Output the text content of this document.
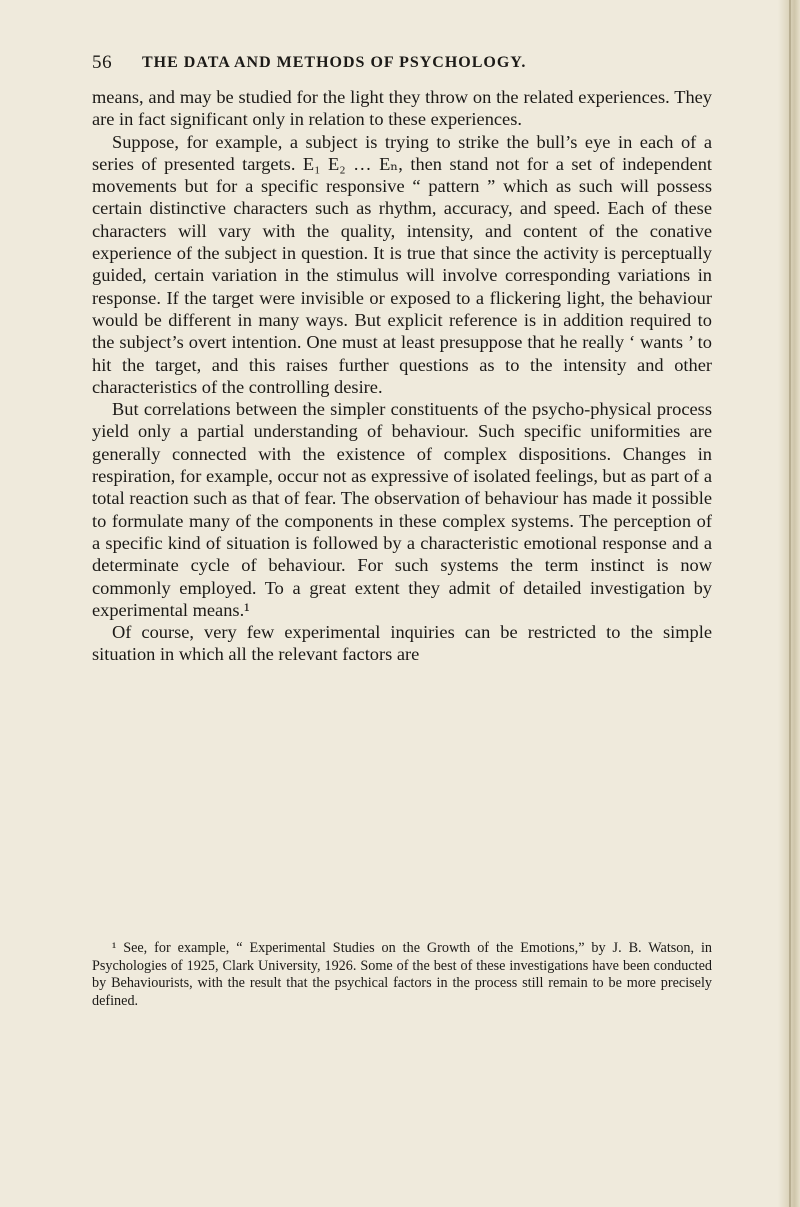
56 THE DATA AND METHODS OF PSYCHOLOGY.

means, and may be studied for the light they throw on the related experiences. They are in fact significant only in relation to these experiences.

Suppose, for example, a subject is trying to strike the bull’s eye in each of a series of presented targets. E₁ E₂ … Eₙ, then stand not for a set of independent movements but for a specific responsive “ pattern ” which as such will possess certain distinctive characters such as rhythm, accuracy, and speed. Each of these characters will vary with the quality, intensity, and content of the conative experience of the subject in question. It is true that since the activity is perceptually guided, certain variation in the stimulus will involve corresponding variations in response. If the target were invisible or exposed to a flickering light, the behaviour would be different in many ways. But explicit reference is in addition required to the subject’s overt intention. One must at least presuppose that he really ‘ wants ’ to hit the target, and this raises further questions as to the intensity and other characteristics of the controlling desire.

But correlations between the simpler constituents of the psycho-physical process yield only a partial understanding of behaviour. Such specific uniformities are generally connected with the existence of complex dispositions. Changes in respiration, for example, occur not as expressive of isolated feelings, but as part of a total reaction such as that of fear. The observation of behaviour has made it possible to formulate many of the components in these complex systems. The perception of a specific kind of situation is followed by a characteristic emotional response and a determinate cycle of behaviour. For such systems the term instinct is now commonly employed. To a great extent they admit of detailed investigation by experimental means.¹

Of course, very few experimental inquiries can be restricted to the simple situation in which all the relevant factors are

¹ See, for example, “ Experimental Studies on the Growth of the Emotions,” by J. B. Watson, in Psychologies of 1925, Clark University, 1926. Some of the best of these investigations have been conducted by Behaviourists, with the result that the psychical factors in the process still remain to be more precisely defined.
